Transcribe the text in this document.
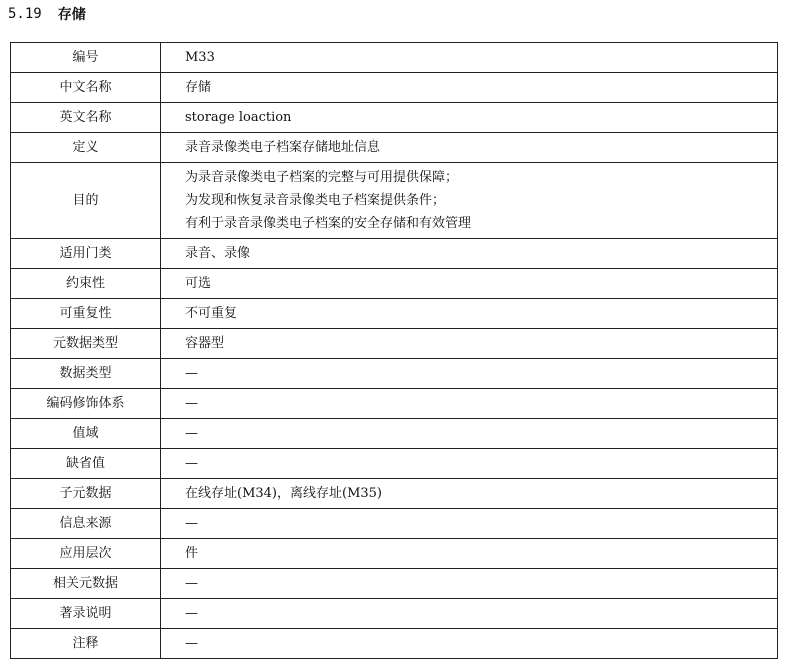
5.19 存储
编号	M33
中文名称	存储
英文名称	storage loaction
定义	录音录像类电子档案存储地址信息
目的	为录音录像类电子档案的完整与可用提供保障；
为发现和恢复录音录像类电子档案提供条件；
有利于录音录像类电子档案的安全存储和有效管理

适用门类	录音、录像
约束性	可选
可重复性	不可重复
元数据类型	容器型
数据类型	—
编码修饰体系	—
值域	—
缺省值	—
子元数据	在线存址(M34)，离线存址(M35)
信息来源	—
应用层次	件
相关元数据	—
著录说明	—
注释	—
